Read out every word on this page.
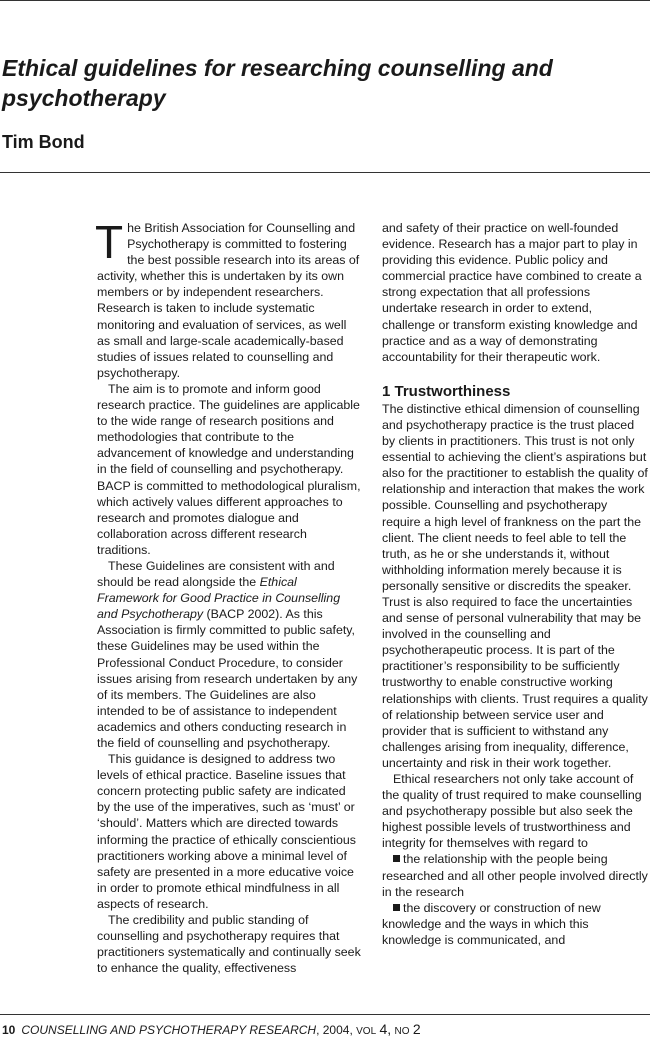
Ethical guidelines for researching counselling and psychotherapy

Tim Bond

The British Association for Counselling and Psychotherapy is committed to fostering the best possible research into its areas of activity, whether this is undertaken by its own members or by independent researchers. Research is taken to include systematic monitoring and evaluation of services, as well as small and large-scale academically-based studies of issues related to counselling and psychotherapy.

The aim is to promote and inform good research practice. The guidelines are applicable to the wide range of research positions and methodologies that contribute to the advancement of knowledge and understanding in the field of counselling and psychotherapy. BACP is committed to methodological pluralism, which actively values different approaches to research and promotes dialogue and collaboration across different research traditions.

These Guidelines are consistent with and should be read alongside the Ethical Framework for Good Practice in Counselling and Psychotherapy (BACP 2002). As this Association is firmly committed to public safety, these Guidelines may be used within the Professional Conduct Procedure, to consider issues arising from research undertaken by any of its members. The Guidelines are also intended to be of assistance to independent academics and others conducting research in the field of counselling and psychotherapy.

This guidance is designed to address two levels of ethical practice. Baseline issues that concern protecting public safety are indicated by the use of the imperatives, such as ‘must’ or ‘should’. Matters which are directed towards informing the practice of ethically conscientious practitioners working above a minimal level of safety are presented in a more educative voice in order to promote ethical mindfulness in all aspects of research.

The credibility and public standing of counselling and psychotherapy requires that practitioners systematically and continually seek to enhance the quality, effectiveness

and safety of their practice on well-founded evidence. Research has a major part to play in providing this evidence. Public policy and commercial practice have combined to create a strong expectation that all professions undertake research in order to extend, challenge or transform existing knowledge and practice and as a way of demonstrating accountability for their therapeutic work.

1 Trustworthiness

The distinctive ethical dimension of counselling and psychotherapy practice is the trust placed by clients in practitioners. This trust is not only essential to achieving the client’s aspirations but also for the practitioner to establish the quality of relationship and interaction that makes the work possible. Counselling and psychotherapy require a high level of frankness on the part the client. The client needs to feel able to tell the truth, as he or she understands it, without withholding information merely because it is personally sensitive or discredits the speaker. Trust is also required to face the uncertainties and sense of personal vulnerability that may be involved in the counselling and psychotherapeutic process. It is part of the practitioner’s responsibility to be sufficiently trustworthy to enable constructive working relationships with clients. Trust requires a quality of relationship between service user and provider that is sufficient to withstand any challenges arising from inequality, difference, uncertainty and risk in their work together.

Ethical researchers not only take account of the quality of trust required to make counselling and psychotherapy possible but also seek the highest possible levels of trustworthiness and integrity for themselves with regard to

the relationship with the people being researched and all other people involved directly in the research

the discovery or construction of new knowledge and the ways in which this knowledge is communicated, and

10 COUNSELLING AND PSYCHOTHERAPY RESEARCH, 2004, VOL 4, NO 2
